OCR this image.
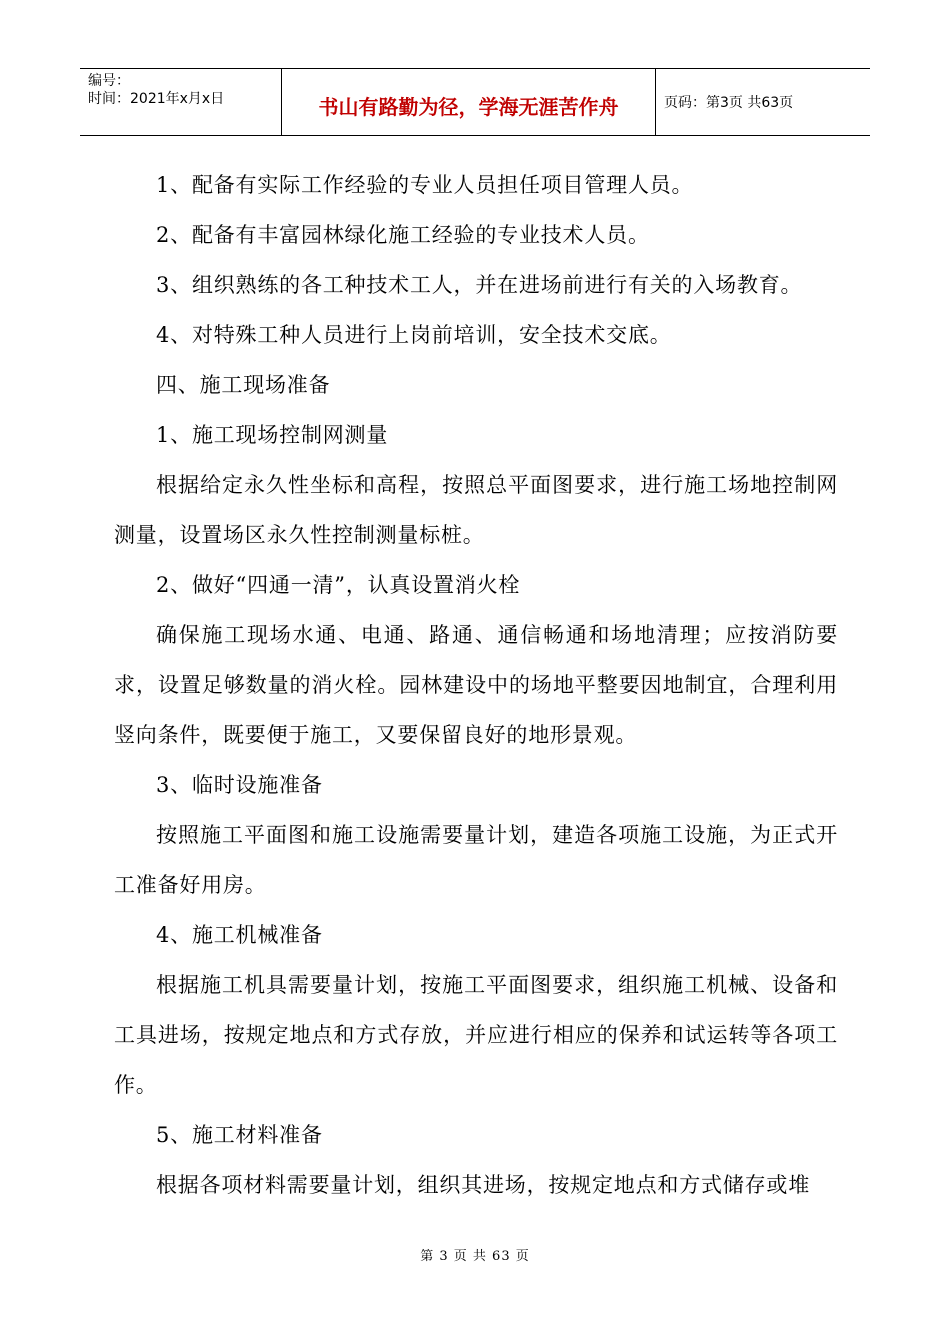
编号：
时间：2021年x月x日	书山有路勤为径，学海无涯苦作舟	页码：第3页 共63页

1、配备有实际工作经验的专业人员担任项目管理人员。

2、配备有丰富园林绿化施工经验的专业技术人员。

3、组织熟练的各工种技术工人，并在进场前进行有关的入场教育。

4、对特殊工种人员进行上岗前培训，安全技术交底。

四、施工现场准备

1、施工现场控制网测量

根据给定永久性坐标和高程，按照总平面图要求，进行施工场地控制网测量，设置场区永久性控制测量标桩。

2、做好“四通一清”，认真设置消火栓

确保施工现场水通、电通、路通、通信畅通和场地清理；应按消防要求，设置足够数量的消火栓。园林建设中的场地平整要因地制宜，合理利用竖向条件，既要便于施工，又要保留良好的地形景观。

3、临时设施准备

按照施工平面图和施工设施需要量计划，建造各项施工设施，为正式开工准备好用房。

4、施工机械准备

根据施工机具需要量计划，按施工平面图要求，组织施工机械、设备和工具进场，按规定地点和方式存放，并应进行相应的保养和试运转等各项工作。

5、施工材料准备

根据各项材料需要量计划，组织其进场，按规定地点和方式储存或堆

第 3 页 共 63 页
